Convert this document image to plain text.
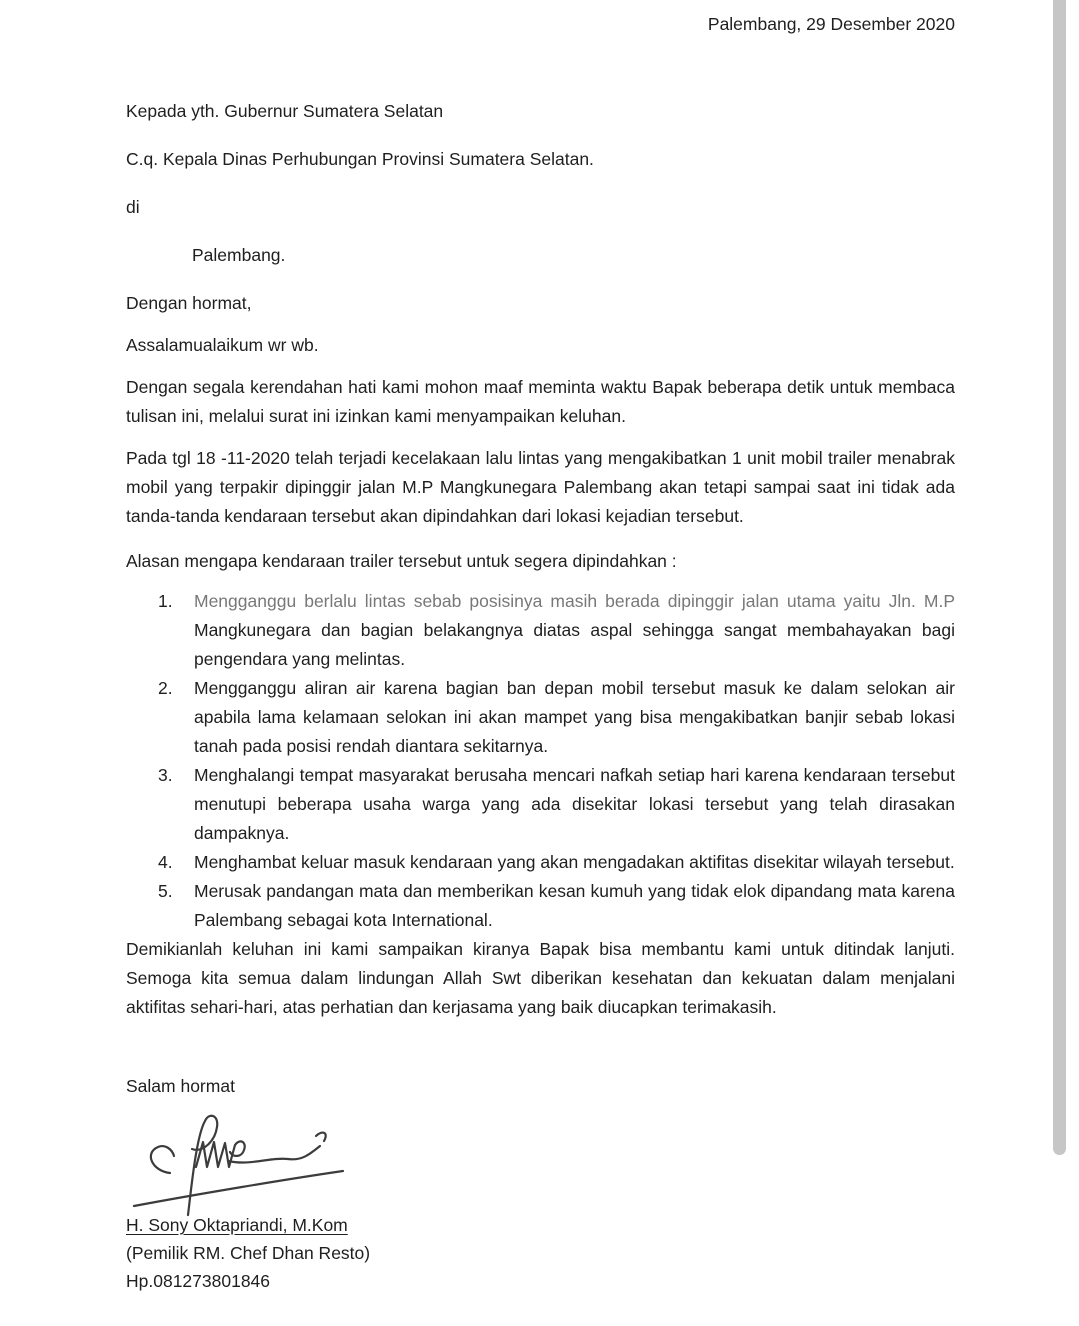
Palembang, 29 Desember 2020
Kepada yth. Gubernur Sumatera Selatan
C.q. Kepala Dinas Perhubungan Provinsi Sumatera Selatan.
di
Palembang.
Dengan hormat,
Assalamualaikum wr wb.

Dengan segala kerendahan hati kami mohon maaf meminta waktu Bapak beberapa detik untuk membaca tulisan ini, melalui surat ini izinkan kami menyampaikan keluhan.

Pada tgl 18 -11-2020 telah terjadi kecelakaan lalu lintas yang mengakibatkan 1 unit mobil trailer menabrak mobil yang terpakir dipinggir jalan M.P Mangkunegara Palembang akan tetapi sampai saat ini tidak ada tanda-tanda kendaraan tersebut akan dipindahkan dari lokasi kejadian tersebut.

Alasan mengapa kendaraan trailer tersebut untuk segera dipindahkan :
1.	Mengganggu berlalu lintas sebab posisinya masih berada dipinggir jalan utama yaitu Jln. M.P Mangkunegara dan bagian belakangnya diatas aspal sehingga sangat membahayakan bagi pengendara yang melintas.
2.	Mengganggu aliran air karena bagian ban depan mobil tersebut masuk ke dalam selokan air apabila lama kelamaan selokan ini akan mampet yang bisa mengakibatkan banjir sebab lokasi tanah pada posisi rendah diantara sekitarnya.
3.	Menghalangi tempat masyarakat berusaha mencari nafkah setiap hari karena kendaraan tersebut menutupi beberapa usaha warga yang ada disekitar lokasi tersebut yang telah dirasakan dampaknya.
4.	Menghambat keluar masuk kendaraan yang akan mengadakan aktifitas disekitar wilayah tersebut.
5.	Merusak pandangan mata dan memberikan kesan kumuh yang tidak elok dipandang mata karena Palembang sebagai kota International.

Demikianlah keluhan ini kami sampaikan kiranya Bapak bisa membantu kami untuk ditindak lanjuti. Semoga kita semua dalam lindungan Allah Swt diberikan kesehatan dan kekuatan dalam menjalani aktifitas sehari-hari, atas perhatian dan kerjasama yang baik diucapkan terimakasih.

Salam hormat
H. Sony Oktapriandi, M.Kom
(Pemilik RM. Chef Dhan Resto)
Hp.081273801846
